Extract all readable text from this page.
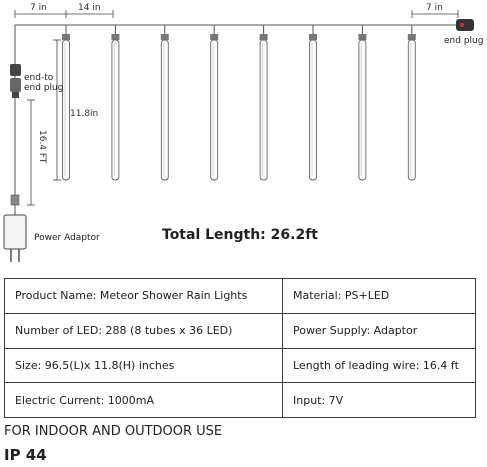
7 in	14 in	7 in
end plug
11.8in
end-to
end plug
16.4 FT
Power Adaptor	Total Length: 26.2ft
Product Name: Meteor Shower Rain Lights	Material: PS+LED
Number of LED: 288 (8 tubes x 36 LED)	Power Supply: Adaptor
Size: 96.5(L)x 11.8(H) inches	Length of leading wire: 16.4 ft
Electric Current: 1000mA	Input: 7V
FOR INDOOR AND OUTDOOR USE
IP 44
